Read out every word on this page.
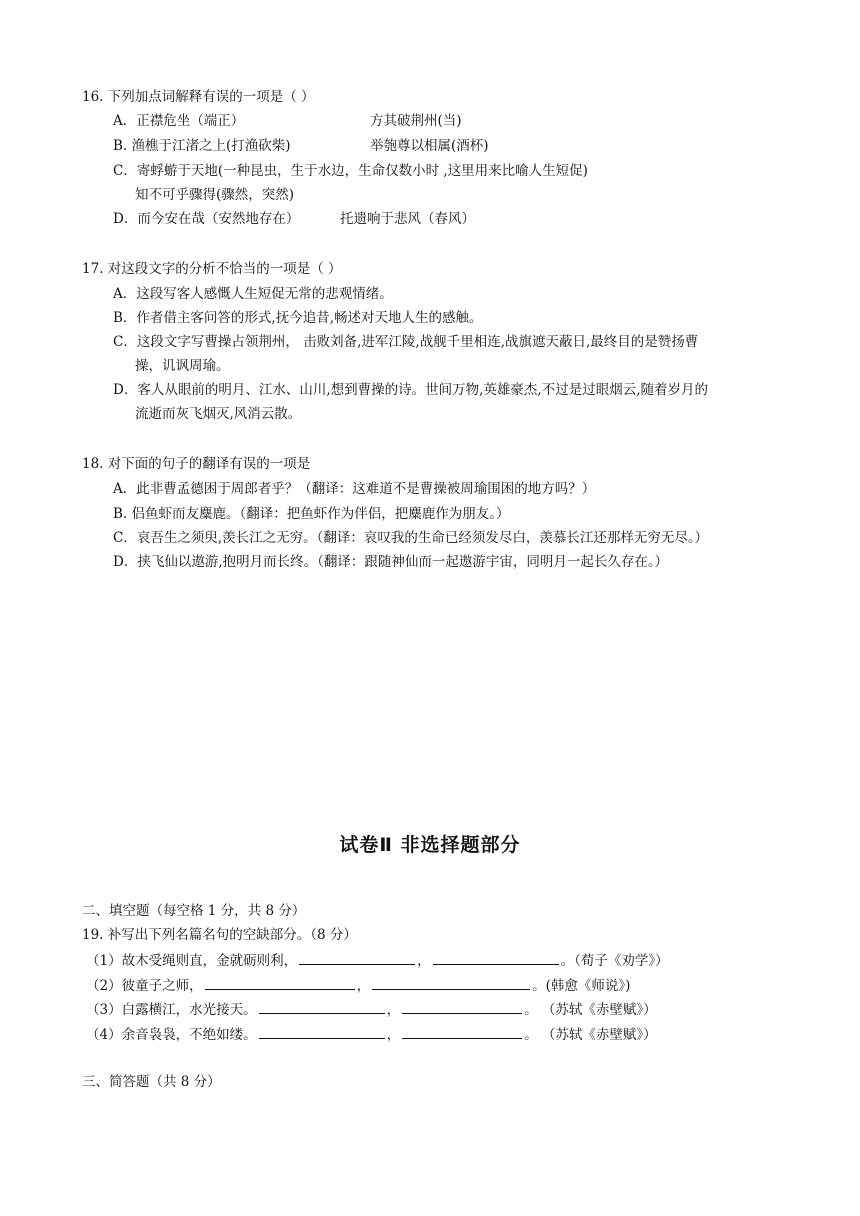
16. 下列加点词解释有误的一项是（ ）
A．正襟危坐（端正）	方其破荆州(当)
B. 渔樵于江渚之上(打渔砍柴)	举匏尊以相属(酒杯)
C．寄蜉蝣于天地(一种昆虫，生于水边，生命仅数小时 ,这里用来比喻人生短促)
知不可乎骤得(骤然，突然)
D．而今安在哉（安然地存在）	托遗响于悲风（春风）
17. 对这段文字的分析不恰当的一项是（ ）
A．这段写客人感慨人生短促无常的悲观情绪。
B．作者借主客问答的形式,抚今追昔,畅述对天地人生的感触。
C．这段文字写曹操占领荆州， 击败刘备,进军江陵,战舰千里相连,战旗遮天蔽日,最终目的是赞扬曹
操，讥讽周瑜。
D．客人从眼前的明月、江水、山川,想到曹操的诗。世间万物,英雄豪杰,不过是过眼烟云,随着岁月的
流逝而灰飞烟灭,风消云散。
18. 对下面的句子的翻译有误的一项是
A．此非曹孟德困于周郎者乎？（翻译：这难道不是曹操被周瑜围困的地方吗？）
B. 侣鱼虾而友麋鹿。（翻译：把鱼虾作为伴侣，把麋鹿作为朋友。）
C．哀吾生之须臾,羡长江之无穷。（翻译：哀叹我的生命已经须发尽白，羡慕长江还那样无穷无尽。）
D．挟飞仙以遨游,抱明月而长终。（翻译：跟随神仙而一起遨游宇宙，同明月一起长久存在。）
试卷Ⅱ 非选择题部分
二、填空题（每空格 1 分，共 8 分）
19. 补写出下列名篇名句的空缺部分。（8 分）
（1）故木受绳则直，金就砺则利，	，	。（荀子《劝学》）
（2）彼童子之师，	，	。(韩愈《师说》)
（3）白露横江，水光接天。	，	。 （苏轼《赤壁赋》）
（4）余音袅袅，不绝如缕。	，	。 （苏轼《赤壁赋》）
三、简答题（共 8 分）
